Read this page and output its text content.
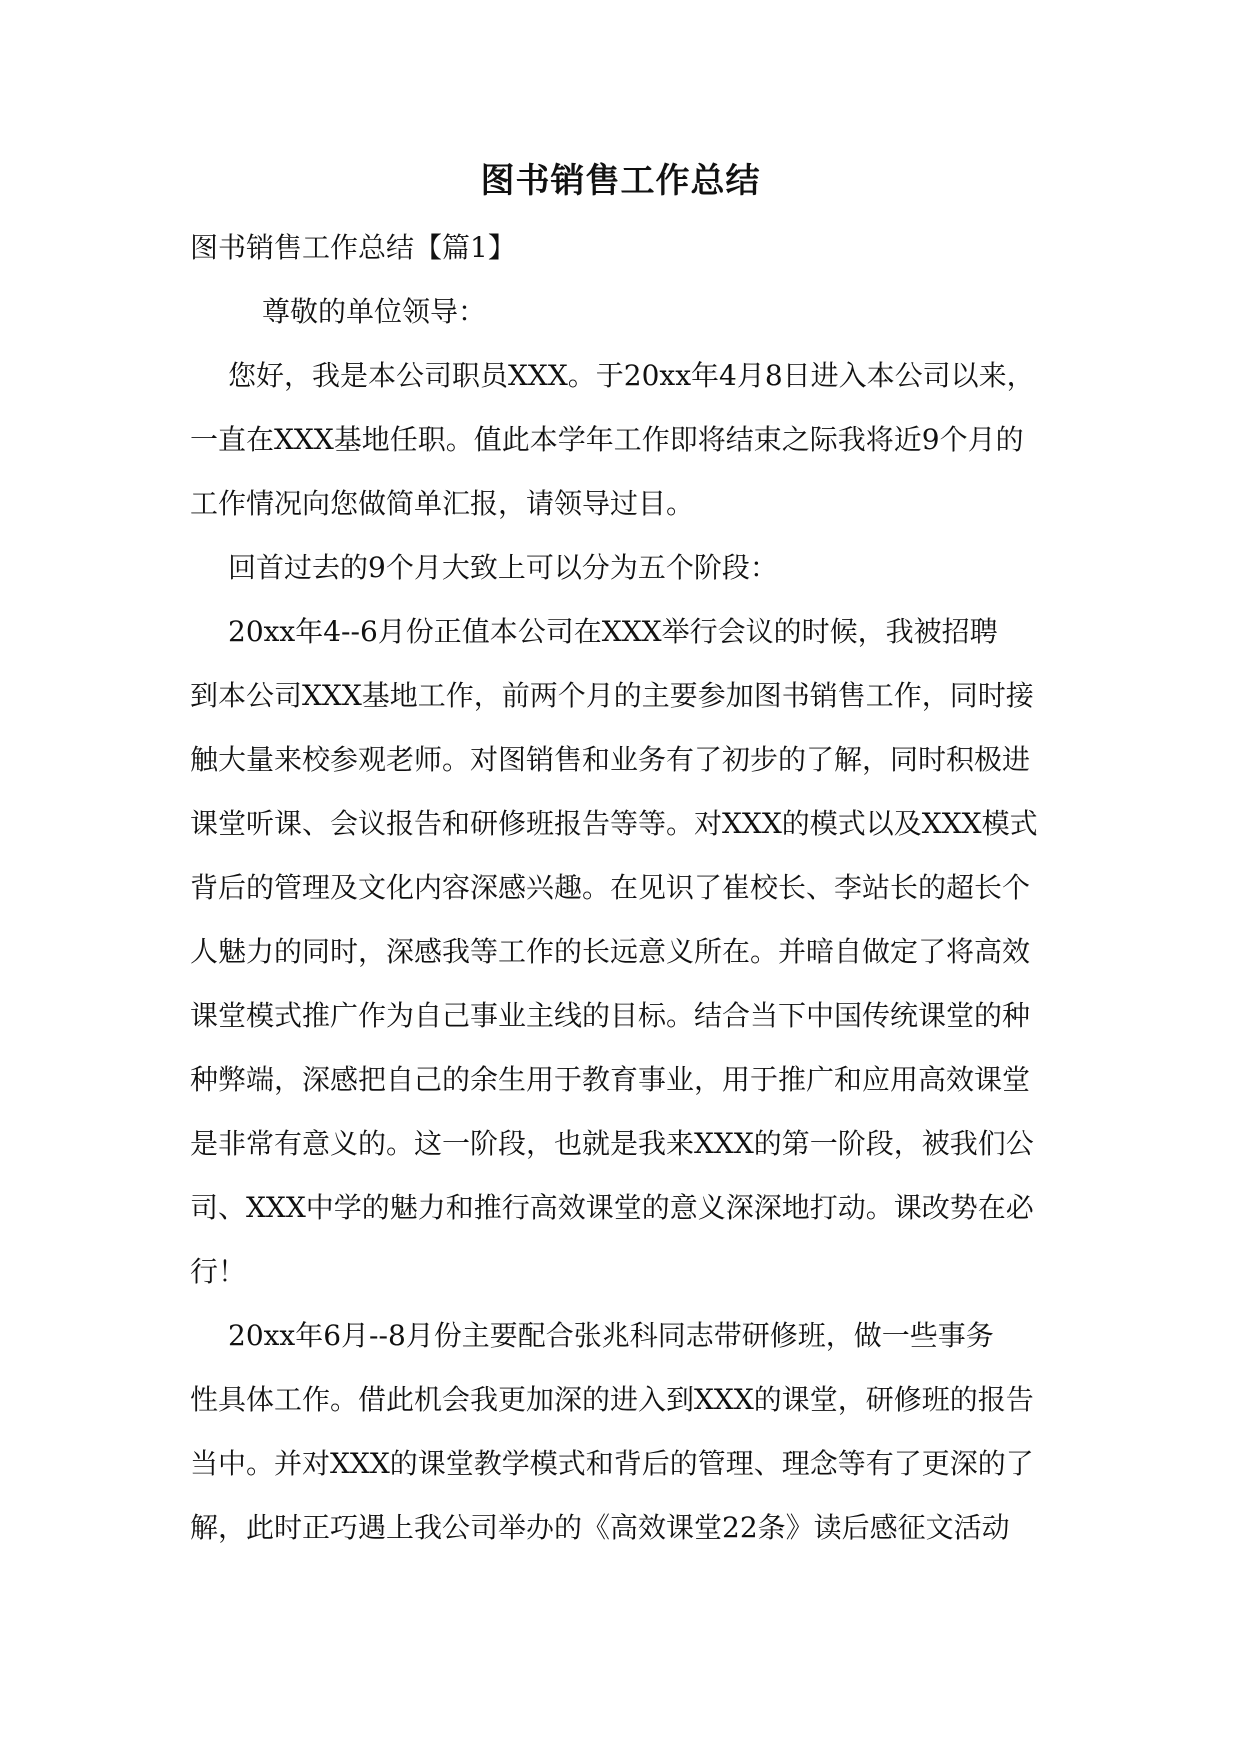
图书销售工作总结
图书销售工作总结【篇1】
尊敬的单位领导：
您好，我是本公司职员XXX。于20xx年4月8日进入本公司以来，
一直在XXX基地任职。值此本学年工作即将结束之际我将近9个月的
工作情况向您做简单汇报，请领导过目。
回首过去的9个月大致上可以分为五个阶段：
20xx年4--6月份正值本公司在XXX举行会议的时候，我被招聘
到本公司XXX基地工作，前两个月的主要参加图书销售工作，同时接
触大量来校参观老师。对图销售和业务有了初步的了解，同时积极进
课堂听课、会议报告和研修班报告等等。对XXX的模式以及XXX模式
背后的管理及文化内容深感兴趣。在见识了崔校长、李站长的超长个
人魅力的同时，深感我等工作的长远意义所在。并暗自做定了将高效
课堂模式推广作为自己事业主线的目标。结合当下中国传统课堂的种
种弊端，深感把自己的余生用于教育事业，用于推广和应用高效课堂
是非常有意义的。这一阶段，也就是我来XXX的第一阶段，被我们公
司、XXX中学的魅力和推行高效课堂的意义深深地打动。课改势在必
行！
20xx年6月--8月份主要配合张兆科同志带研修班，做一些事务
性具体工作。借此机会我更加深的进入到XXX的课堂，研修班的报告
当中。并对XXX的课堂教学模式和背后的管理、理念等有了更深的了
解，此时正巧遇上我公司举办的《高效课堂22条》读后感征文活动
